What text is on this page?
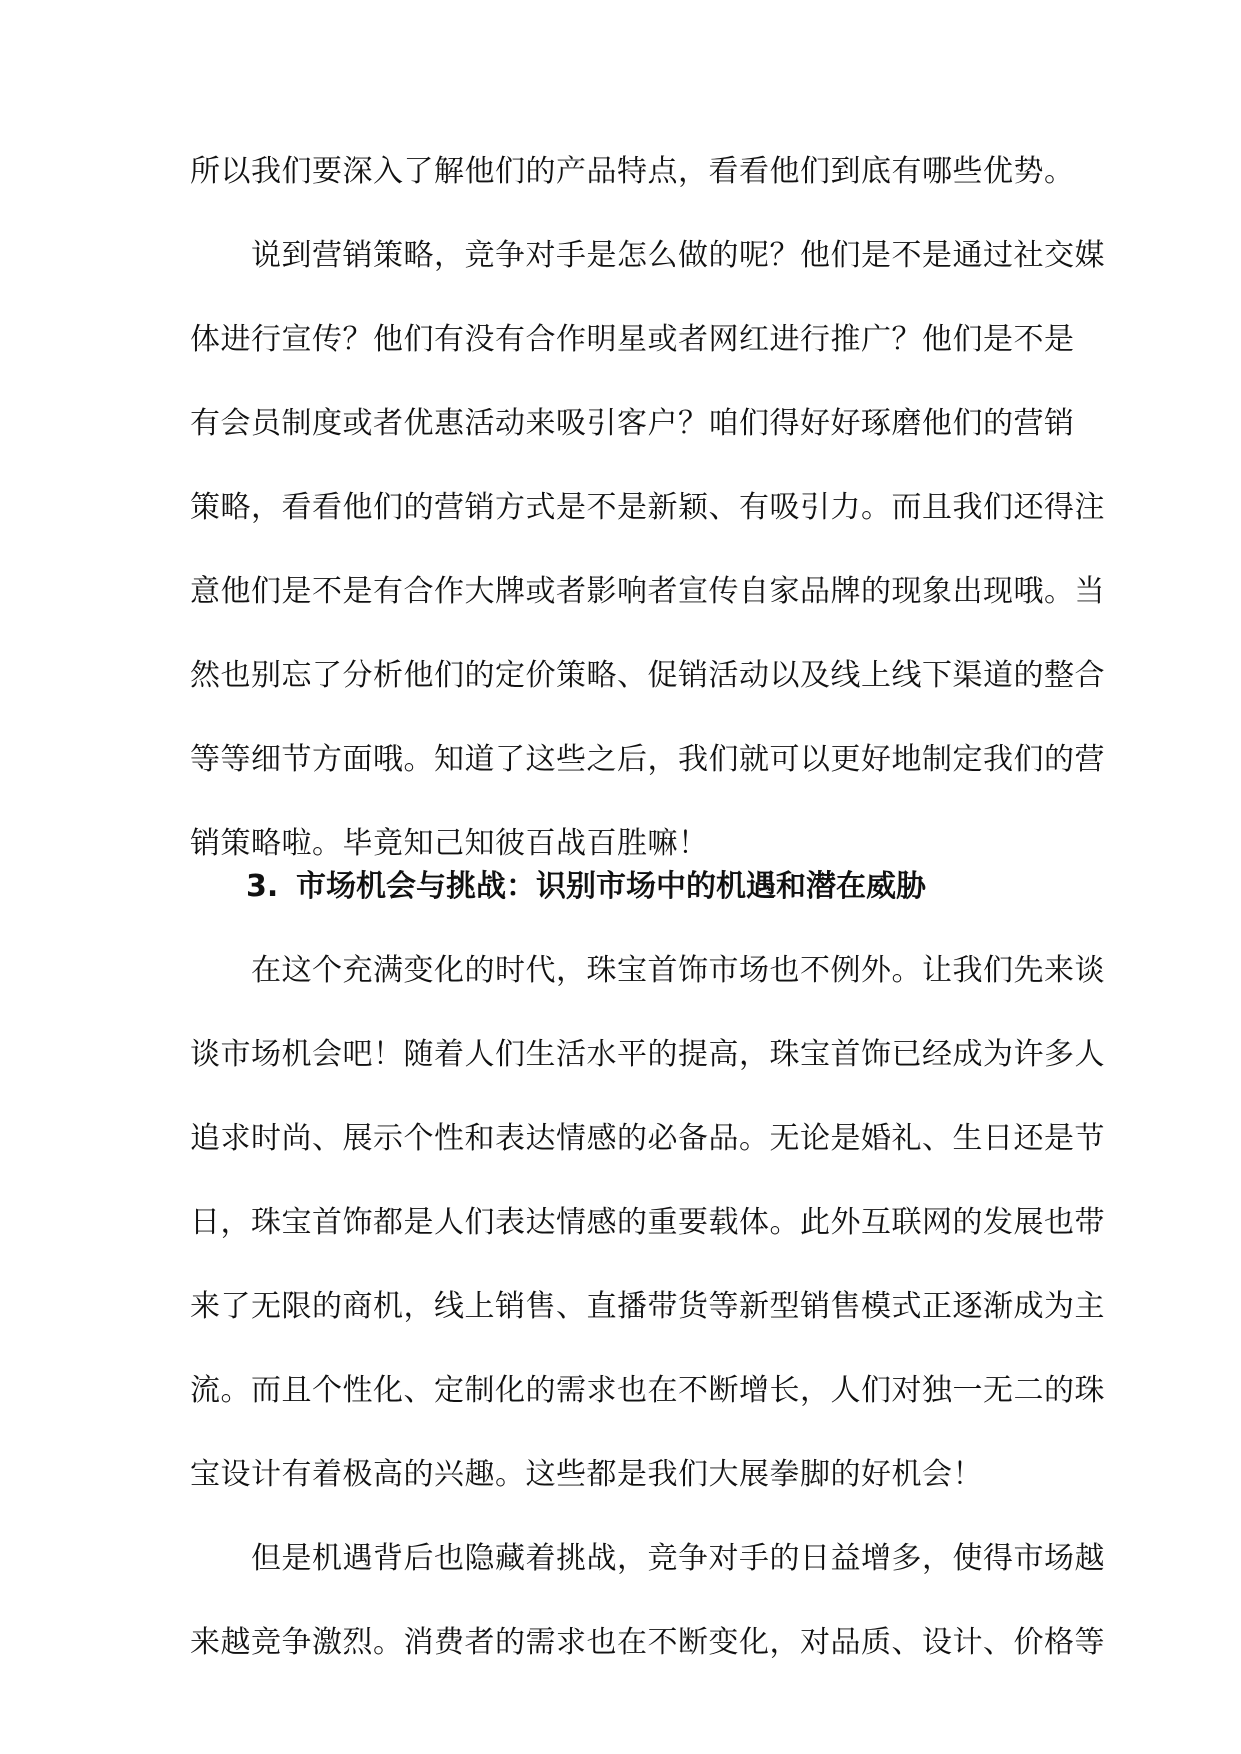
所以我们要深入了解他们的产品特点，看看他们到底有哪些优势。
　　说到营销策略，竞争对手是怎么做的呢？他们是不是通过社交媒
体进行宣传？他们有没有合作明星或者网红进行推广？他们是不是
有会员制度或者优惠活动来吸引客户？咱们得好好琢磨他们的营销
策略，看看他们的营销方式是不是新颖、有吸引力。而且我们还得注
意他们是不是有合作大牌或者影响者宣传自家品牌的现象出现哦。当
然也别忘了分析他们的定价策略、促销活动以及线上线下渠道的整合
等等细节方面哦。知道了这些之后，我们就可以更好地制定我们的营
销策略啦。毕竟知己知彼百战百胜嘛！
3. 市场机会与挑战：识别市场中的机遇和潜在威胁
　　在这个充满变化的时代，珠宝首饰市场也不例外。让我们先来谈
谈市场机会吧！随着人们生活水平的提高，珠宝首饰已经成为许多人
追求时尚、展示个性和表达情感的必备品。无论是婚礼、生日还是节
日，珠宝首饰都是人们表达情感的重要载体。此外互联网的发展也带
来了无限的商机，线上销售、直播带货等新型销售模式正逐渐成为主
流。而且个性化、定制化的需求也在不断增长，人们对独一无二的珠
宝设计有着极高的兴趣。这些都是我们大展拳脚的好机会！
　　但是机遇背后也隐藏着挑战，竞争对手的日益增多，使得市场越
来越竞争激烈。消费者的需求也在不断变化，对品质、设计、价格等
